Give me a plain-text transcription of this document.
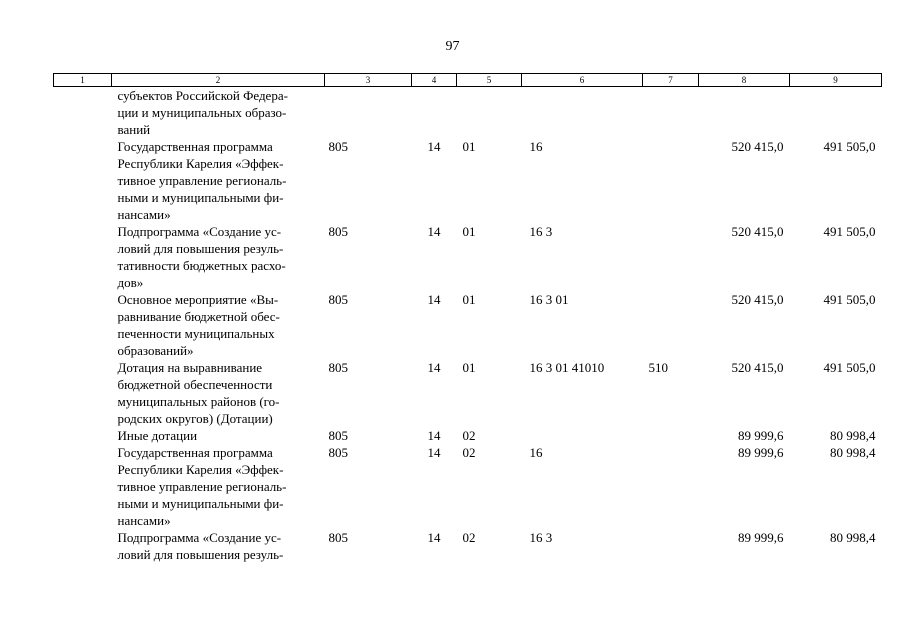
97
1	2	3	4	5	6	7	8	9

	субъектов Российской Федера-
ции и муниципальных образо-
ваний							

	Государственная программа
Республики Карелия «Эффек-
тивное управление региональ-
ными и муниципальными фи-
нансами»	805	14	01	16		520 415,0	491 505,0

	Подпрограмма «Создание ус-
ловий для повышения резуль-
тативности бюджетных расхо-
дов»	805	14	01	16 3		520 415,0	491 505,0

	Основное мероприятие «Вы-
равнивание бюджетной обес-
печенности муниципальных
образований»	805	14	01	16 3 01		520 415,0	491 505,0

	Дотация на выравнивание
бюджетной обеспеченности
муниципальных районов (го-
родских округов) (Дотации)	805	14	01	16 3 01 41010	510	520 415,0	491 505,0

	Иные дотации	805	14	02			89 999,6	80 998,4

	Государственная программа
Республики Карелия «Эффек-
тивное управление региональ-
ными и муниципальными фи-
нансами»	805	14	02	16		89 999,6	80 998,4

	Подпрограмма «Создание ус-
ловий для повышения резуль-	805	14	02	16 3		89 999,6	80 998,4
